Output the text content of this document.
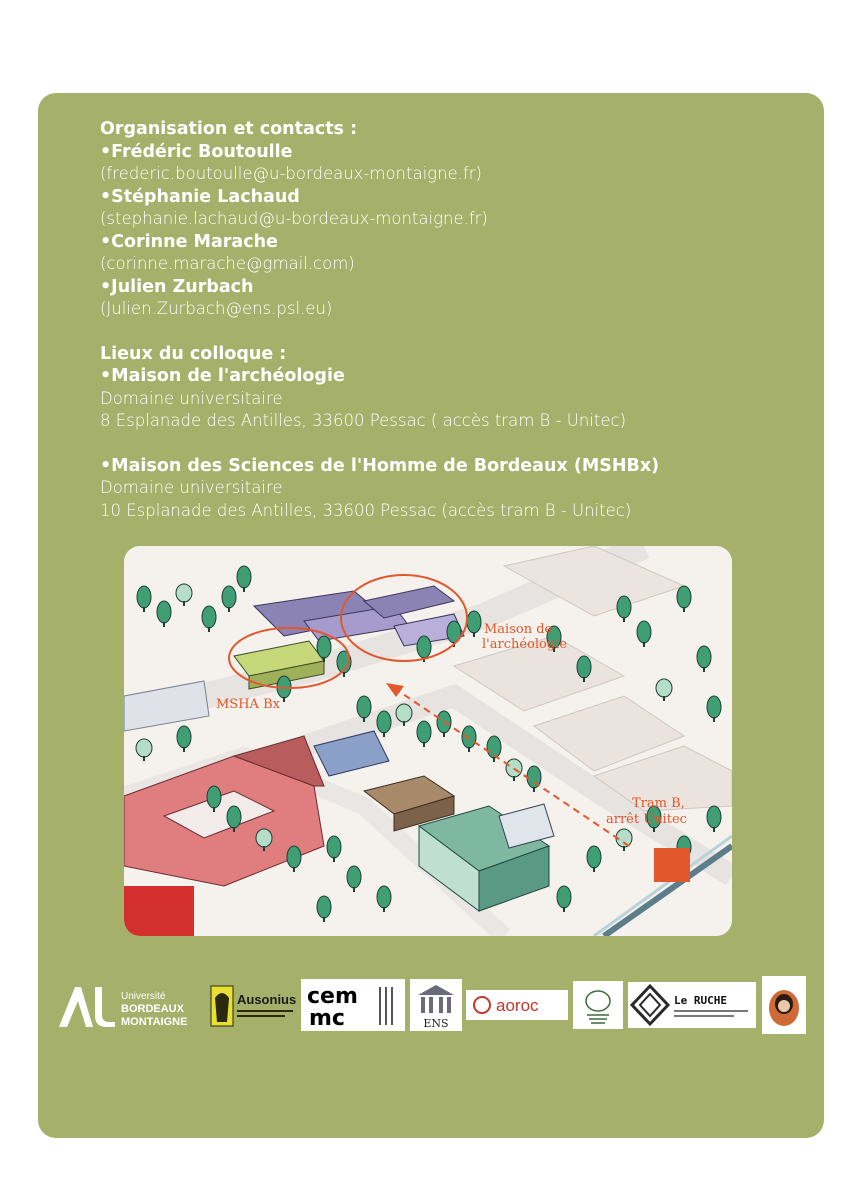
Organisation et contacts :
•Frédéric Boutoulle
(frederic.boutoulle@u-bordeaux-montaigne.fr)
•Stéphanie Lachaud
(stephanie.lachaud@u-bordeaux-montaigne.fr)
•Corinne Marache
(corinne.marache@gmail.com)
•Julien Zurbach
(Julien.Zurbach@ens.psl.eu)
Lieux du colloque :
•Maison de l'archéologie
Domaine universitaire
8 Esplanade des Antilles, 33600 Pessac ( accès tram B - Unitec)
•Maison des Sciences de l'Homme de Bordeaux (MSHBx)
Domaine universitaire
10 Esplanade des Antilles, 33600 Pessac (accès tram B - Unitec)
Maison de
l'archéologie
MSHA Bx
Tram B,
arrêt Unitec
Université
BORDEAUX
MONTAIGNE
Ausonius cem
mc	ENS
aoroc	Le RUCHE
